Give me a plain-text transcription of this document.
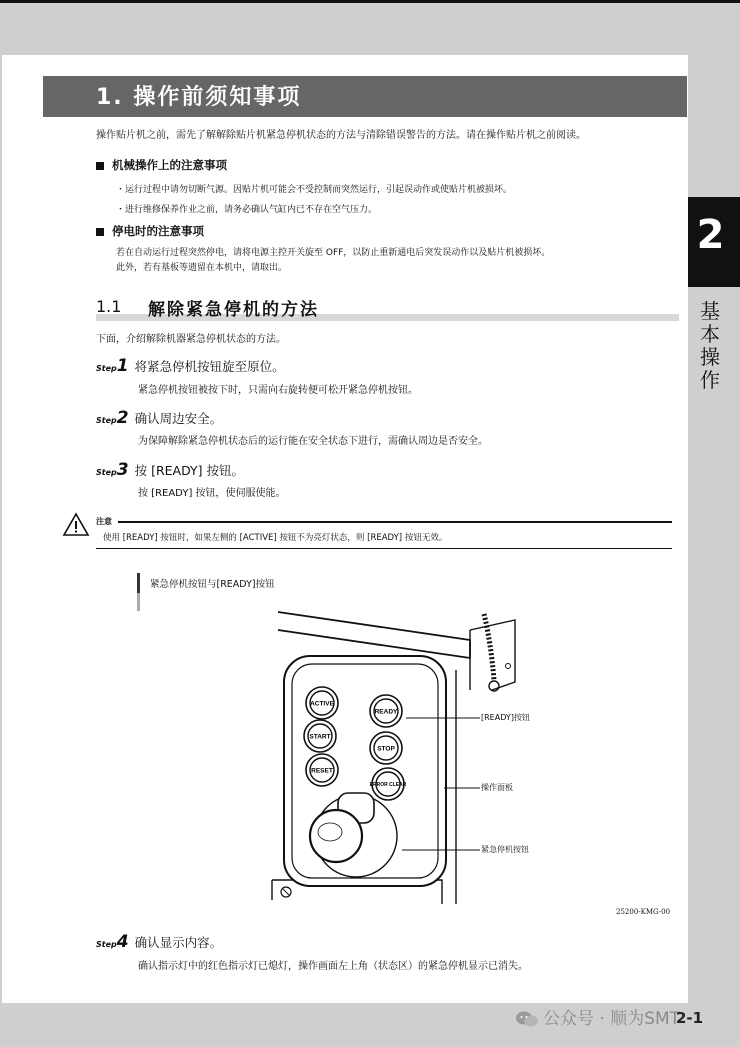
1. 操作前须知事项
操作贴片机之前，需先了解解除贴片机紧急停机状态的方法与清除错误警告的方法。请在操作贴片机之前阅读。
机械操作上的注意事项
・运行过程中请勿切断气源。因贴片机可能会不受控制而突然运行，引起误动作或使贴片机被损坏。
・进行维修保养作业之前，请务必确认气缸内已不存在空气压力。
停电时的注意事项
若在自动运行过程突然停电，请将电源主控开关旋至 OFF，以防止重新通电后突发误动作以及贴片机被损坏。
此外，若有基板等遗留在本机中，请取出。
1.1 解除紧急停机的方法
下面，介绍解除机器紧急停机状态的方法。
Step1 将紧急停机按钮旋至原位。
紧急停机按钮被按下时，只需向右旋转便可松开紧急停机按钮。
Step2 确认周边安全。
为保障解除紧急停机状态后的运行能在安全状态下进行，需确认周边是否安全。
Step3 按 [READY] 按钮。
按 [READY] 按钮，使伺服使能。
注意
使用 [READY] 按钮时，如果左侧的 [ACTIVE] 按钮不为亮灯状态，则 [READY] 按钮无效。
紧急停机按钮与[READY]按钮
ACTIVE
READY
START
STOP
RESET
ERROR CLEAR
[READY]按钮
操作面板
紧急停机按钮
25200-KMG-00
Step4 确认显示内容。
确认指示灯中的红色指示灯已熄灯，操作画面左上角（状态区）的紧急停机显示已消失。
2
基
本
操
作
公众号 · 顺为SMT
2-1
